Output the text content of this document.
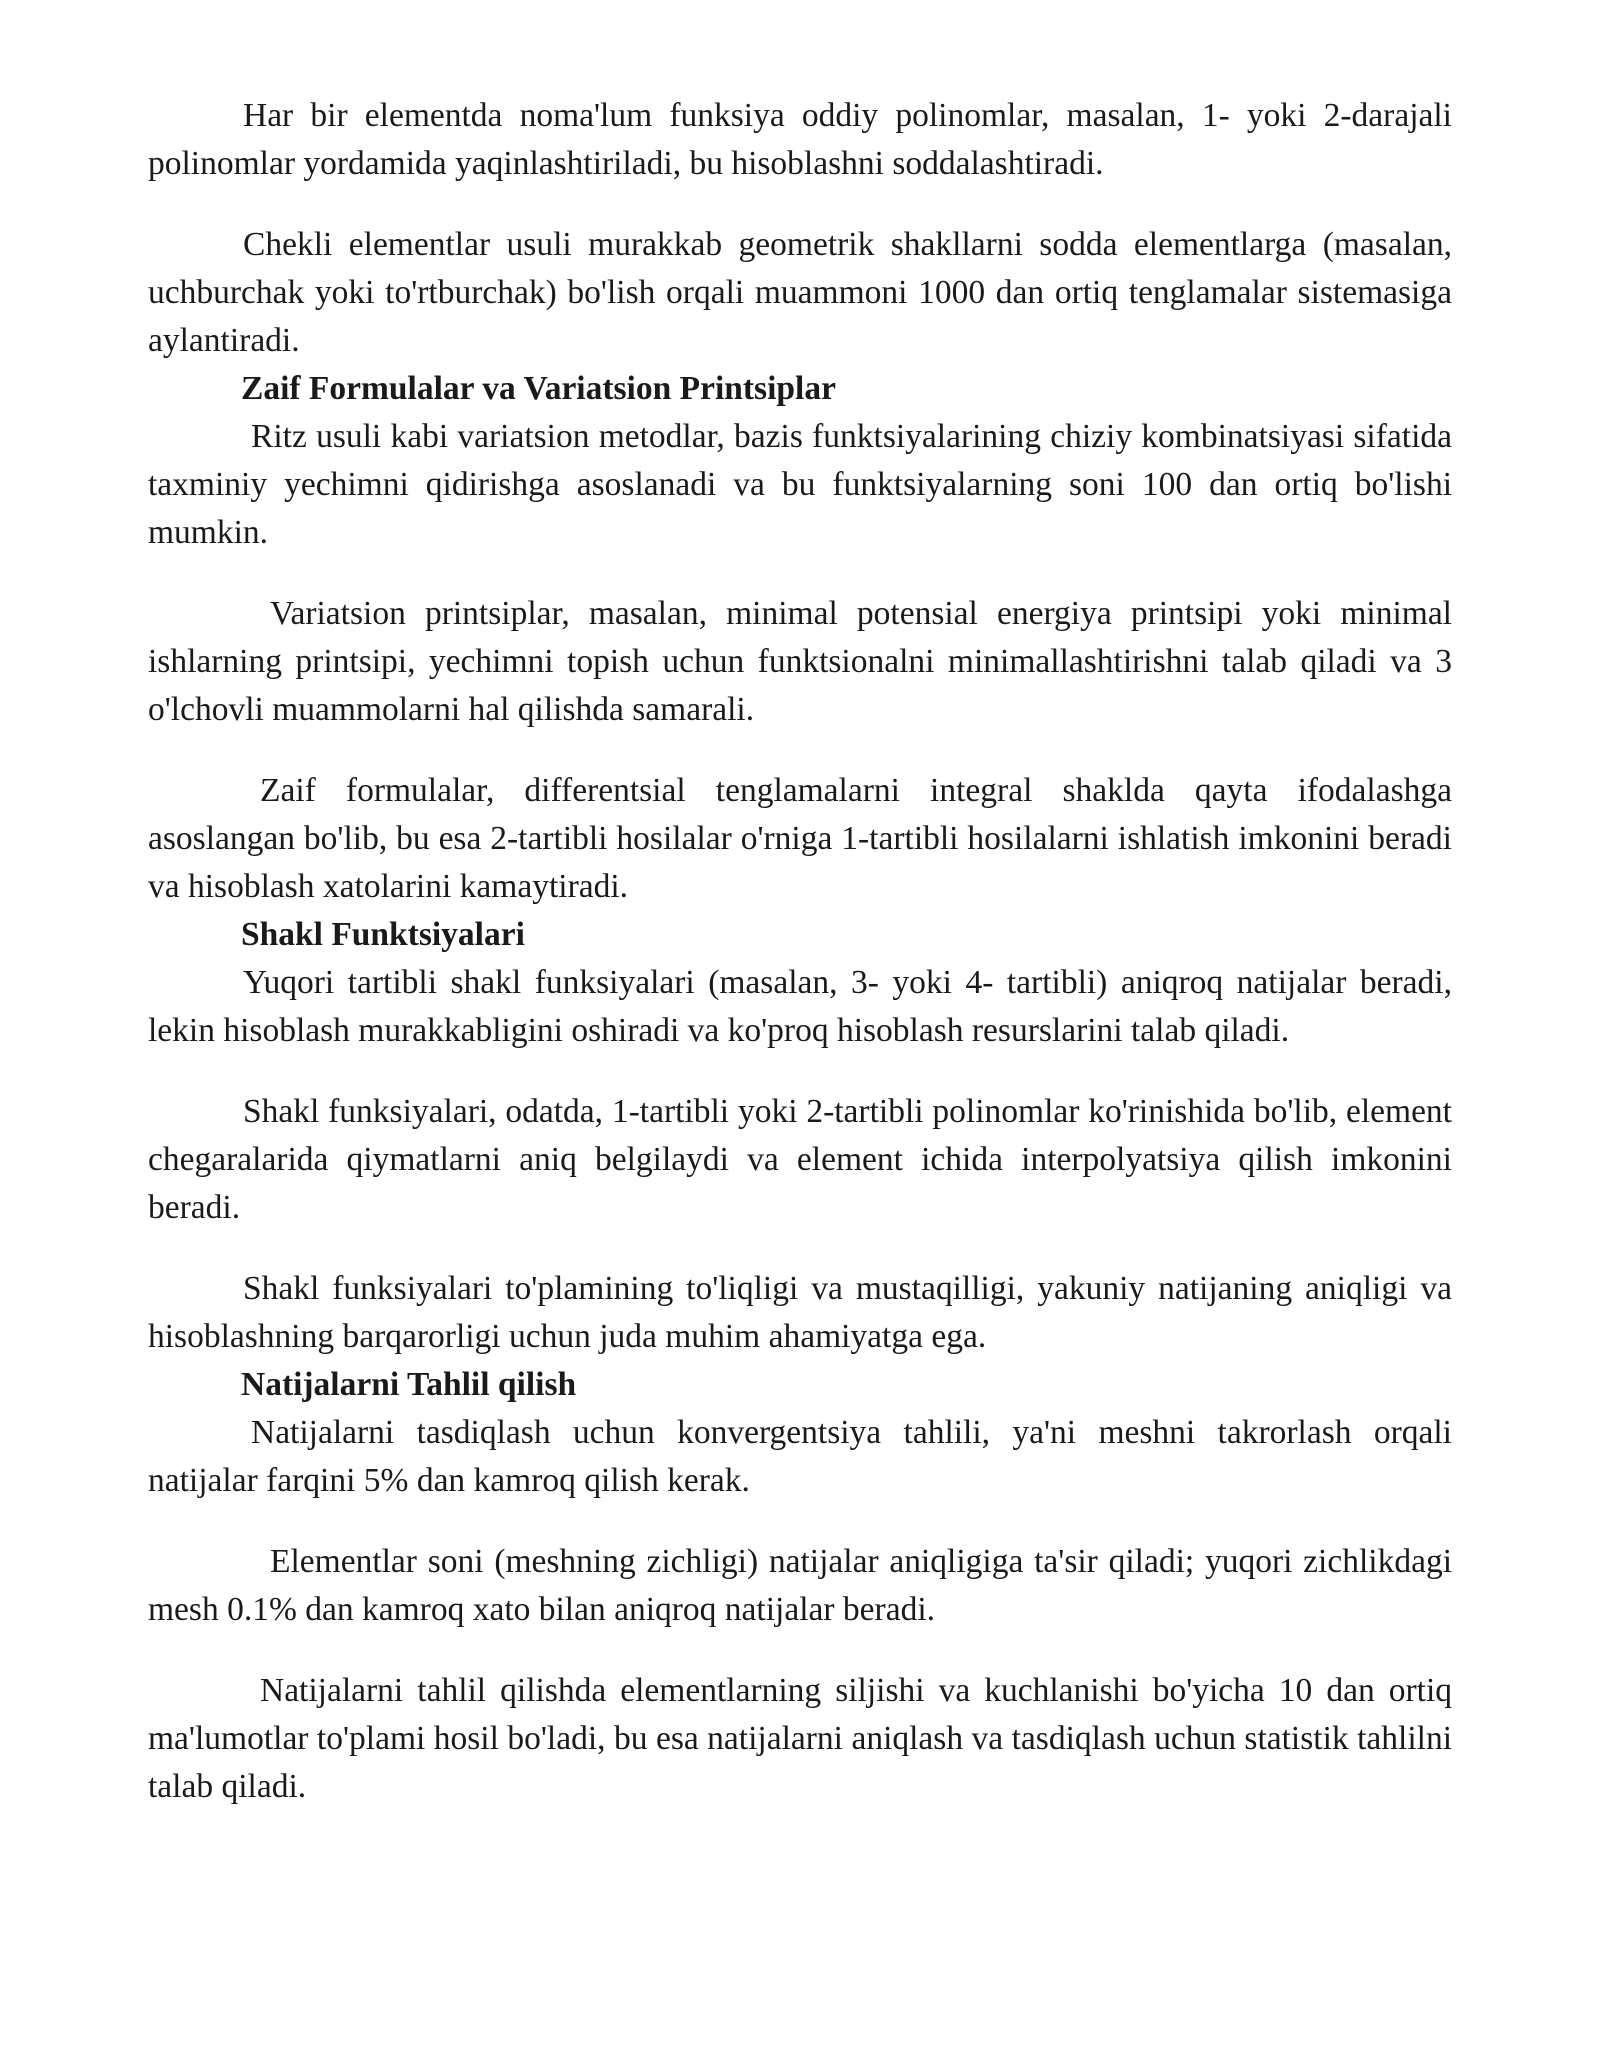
Har bir elementda noma'lum funksiya oddiy polinomlar, masalan, 1- yoki 2-darajali polinomlar yordamida yaqinlashtiriladi, bu hisoblashni soddalashtiradi.

Chekli elementlar usuli murakkab geometrik shakllarni sodda elementlarga (masalan, uchburchak yoki to'rtburchak) bo'lish orqali muammoni 1000 dan ortiq tenglamalar sistemasiga aylantiradi.

Zaif Formulalar va Variatsion Printsiplar

Ritz usuli kabi variatsion metodlar, bazis funktsiyalarining chiziy kombinatsiyasi sifatida taxminiy yechimni qidirishga asoslanadi va bu funktsiyalarning soni 100 dan ortiq bo'lishi mumkin.

Variatsion printsiplar, masalan, minimal potensial energiya printsipi yoki minimal ishlarning printsipi, yechimni topish uchun funktsionalni minimallashtirishni talab qiladi va 3 o'lchovli muammolarni hal qilishda samarali.

Zaif formulalar, differentsial tenglamalarni integral shaklda qayta ifodalashga asoslangan bo'lib, bu esa 2-tartibli hosilalar o'rniga 1-tartibli hosilalarni ishlatish imkonini beradi va hisoblash xatolarini kamaytiradi.

Shakl Funktsiyalari

Yuqori tartibli shakl funksiyalari (masalan, 3- yoki 4- tartibli) aniqroq natijalar beradi, lekin hisoblash murakkabligini oshiradi va ko'proq hisoblash resurslarini talab qiladi.

Shakl funksiyalari, odatda, 1-tartibli yoki 2-tartibli polinomlar ko'rinishida bo'lib, element chegaralarida qiymatlarni aniq belgilaydi va element ichida interpolyatsiya qilish imkonini beradi.

Shakl funksiyalari to'plamining to'liqligi va mustaqilligi, yakuniy natijaning aniqligi va hisoblashning barqarorligi uchun juda muhim ahamiyatga ega.

Natijalarni Tahlil qilish

Natijalarni tasdiqlash uchun konvergentsiya tahlili, ya'ni meshni takrorlash orqali natijalar farqini 5% dan kamroq qilish kerak.

Elementlar soni (meshning zichligi) natijalar aniqligiga ta'sir qiladi; yuqori zichlikdagi mesh 0.1% dan kamroq xato bilan aniqroq natijalar beradi.

Natijalarni tahlil qilishda elementlarning siljishi va kuchlanishi bo'yicha 10 dan ortiq ma'lumotlar to'plami hosil bo'ladi, bu esa natijalarni aniqlash va tasdiqlash uchun statistik tahlilni talab qiladi.
